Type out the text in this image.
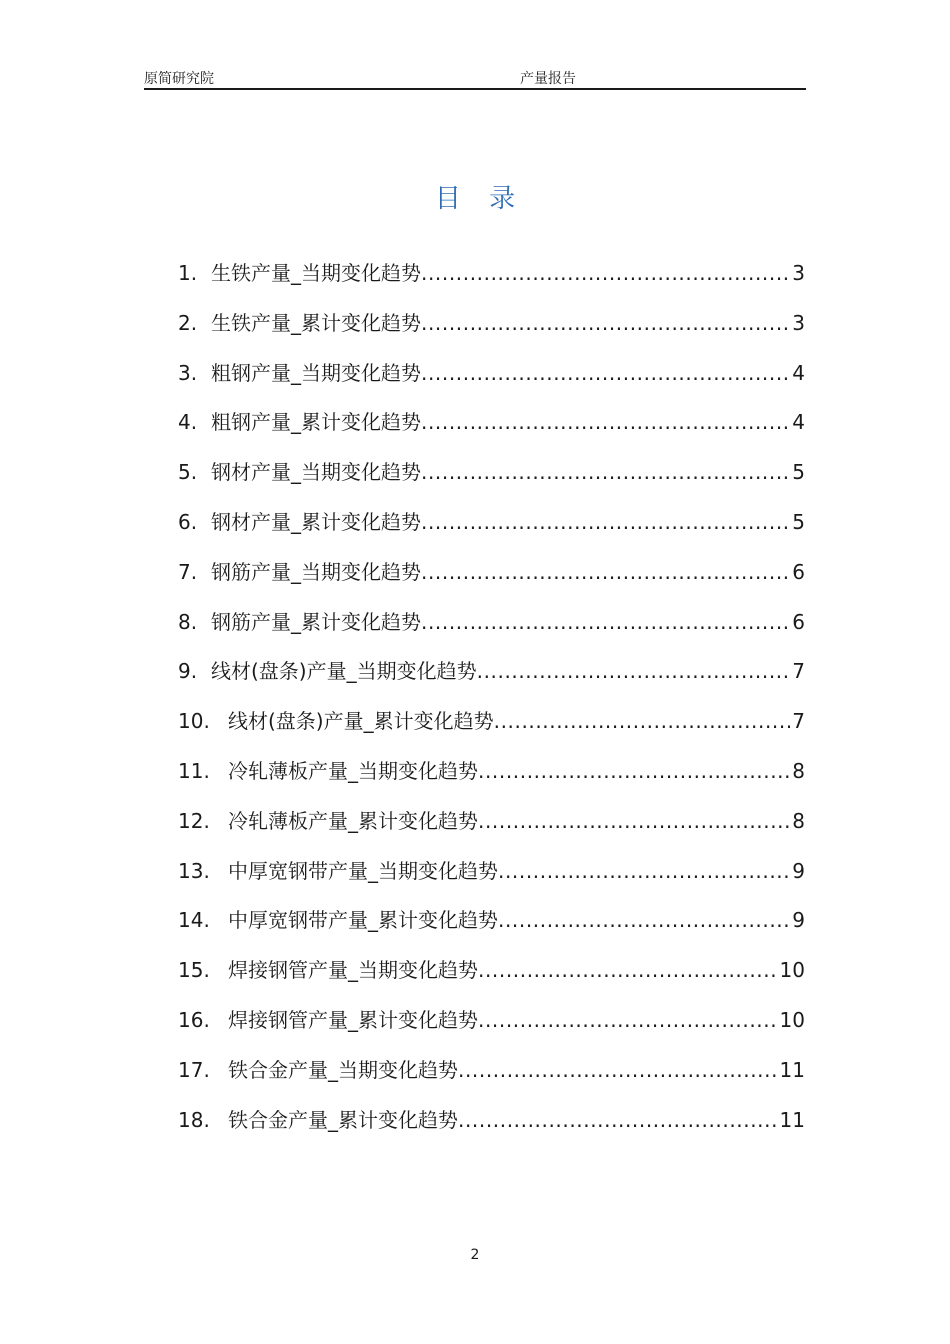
原简研究院	产量报告
目 录
1. 生铁产量_当期变化趋势 .....	3
2. 生铁产量_累计变化趋势 .....	3
3. 粗钢产量_当期变化趋势 .....	4
4. 粗钢产量_累计变化趋势 .....	4
5. 钢材产量_当期变化趋势 .....	5
6. 钢材产量_累计变化趋势 .....	5
7. 钢筋产量_当期变化趋势 .....	6
8. 钢筋产量_累计变化趋势 .....	6
9. 线材(盘条)产量_当期变化趋势 .....	7
10. 线材(盘条)产量_累计变化趋势 .....	7
11. 冷轧薄板产量_当期变化趋势 .....	8
12. 冷轧薄板产量_累计变化趋势 .....	8
13. 中厚宽钢带产量_当期变化趋势 .....	9
14. 中厚宽钢带产量_累计变化趋势 .....	9
15. 焊接钢管产量_当期变化趋势 .....	10
16. 焊接钢管产量_累计变化趋势 .....	10
17. 铁合金产量_当期变化趋势 .....	11
18. 铁合金产量_累计变化趋势 .....	11
2
